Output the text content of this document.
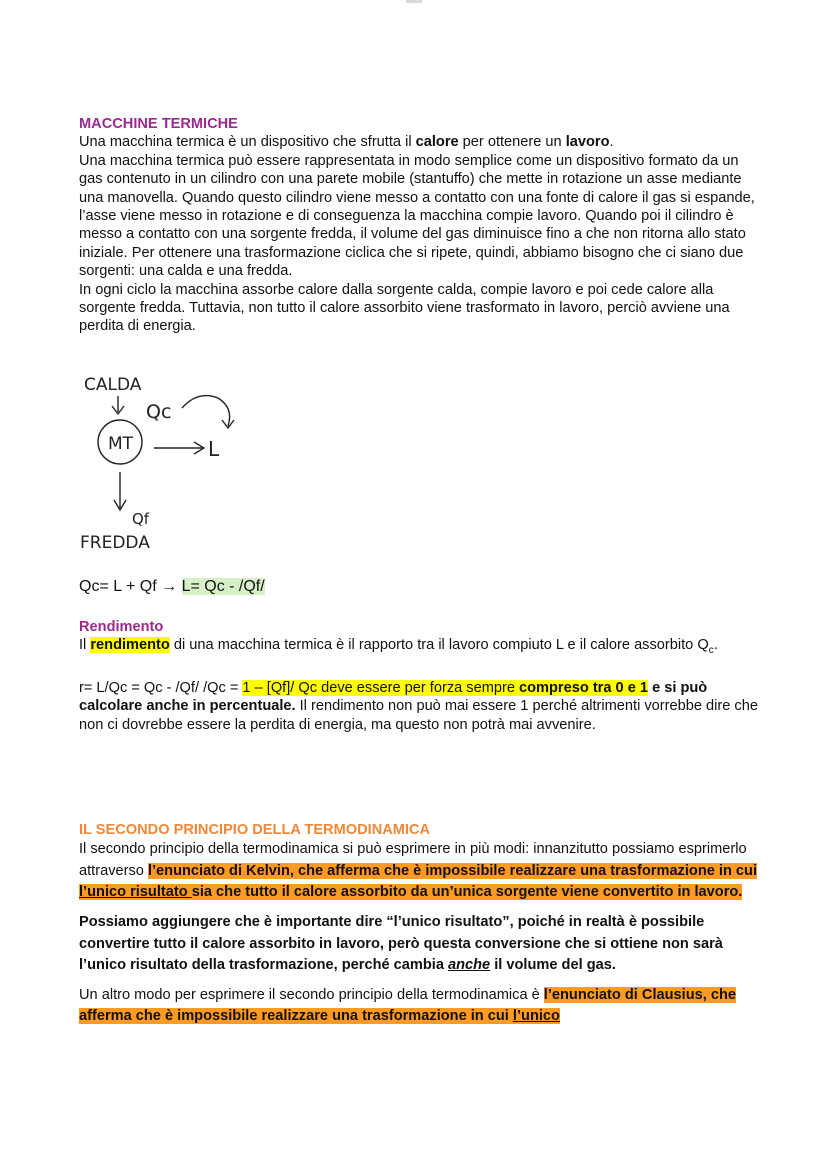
MACCHINE TERMICHE
Una macchina termica è un dispositivo che sfrutta il calore per ottenere un lavoro.
Una macchina termica può essere rappresentata in modo semplice come un dispositivo formato da un gas contenuto in un cilindro con una parete mobile (stantuffo) che mette in rotazione un asse mediante una manovella. Quando questo cilindro viene messo a contatto con una fonte di calore il gas si espande, l’asse viene messo in rotazione e di conseguenza la macchina compie lavoro. Quando poi il cilindro è messo a contatto con una sorgente fredda, il volume del gas diminuisce fino a che non ritorna allo stato iniziale. Per ottenere una trasformazione ciclica che si ripete, quindi, abbiamo bisogno che ci siano due sorgenti: una calda e una fredda.
In ogni ciclo la macchina assorbe calore dalla sorgente calda, compie lavoro e poi cede calore alla sorgente fredda. Tuttavia, non tutto il calore assorbito viene trasformato in lavoro, perciò avviene una perdita di energia.
CALDA
Qc
MT	L
Qf
FREDDA
Qc= L + Qf → L= Qc - /Qf/
Rendimento
Il rendimento di una macchina termica è il rapporto tra il lavoro compiuto L e il calore assorbito $Q_c$.
r= L/Qc = Qc - /Qf/ /Qc = 1 – [Qf]/ Qc deve essere per forza sempre compreso tra 0 e 1 e si può calcolare anche in percentuale. Il rendimento non può mai essere 1 perché altrimenti vorrebbe dire che non ci dovrebbe essere la perdita di energia, ma questo non potrà mai avvenire.
IL SECONDO PRINCIPIO DELLA TERMODINAMICA
Il secondo principio della termodinamica si può esprimere in più modi: innanzitutto possiamo esprimerlo attraverso l’enunciato di Kelvin, che afferma che è impossibile realizzare una trasformazione in cui l’unico risultato sia che tutto il calore assorbito da un’unica sorgente viene convertito in lavoro.
Possiamo aggiungere che è importante dire “l’unico risultato”, poiché in realtà è possibile convertire tutto il calore assorbito in lavoro, però questa conversione che si ottiene non sarà l’unico risultato della trasformazione, perché cambia anche il volume del gas.
Un altro modo per esprimere il secondo principio della termodinamica è l’enunciato di Clausius, che afferma che è impossibile realizzare una trasformazione in cui l’unico
